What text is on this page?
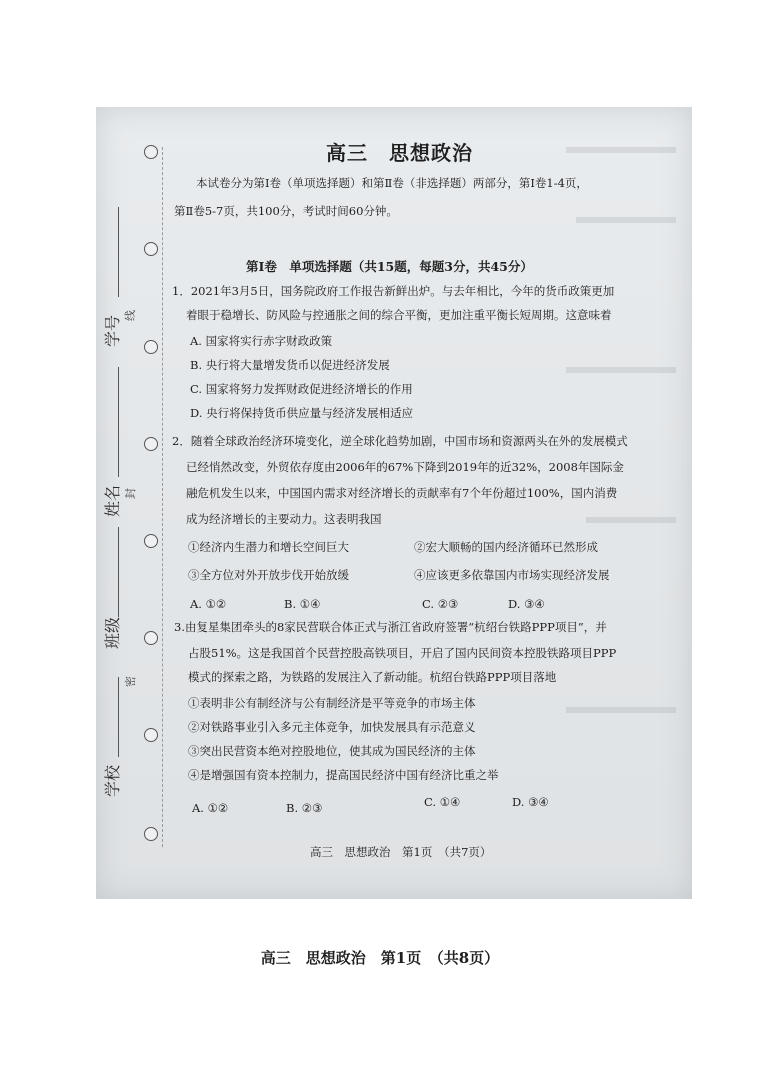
学号 线
姓名 封
班级
密
学校
高三　思想政治
本试卷分为第Ⅰ卷（单项选择题）和第Ⅱ卷（非选择题）两部分，第Ⅰ卷1-4页，
第Ⅱ卷5-7页，共100分，考试时间60分钟。
第Ⅰ卷　单项选择题（共15题，每题3分，共45分）
1．2021年3月5日，国务院政府工作报告新鲜出炉。与去年相比，今年的货币政策更加
着眼于稳增长、防风险与控通胀之间的综合平衡，更加注重平衡长短周期。这意味着
A. 国家将实行赤字财政政策
B. 央行将大量增发货币以促进经济发展
C. 国家将努力发挥财政促进经济增长的作用
D. 央行将保持货币供应量与经济发展相适应
2．随着全球政治经济环境变化，逆全球化趋势加剧，中国市场和资源两头在外的发展模式
已经悄然改变，外贸依存度由2006年的67%下降到2019年的近32%，2008年国际金
融危机发生以来，中国国内需求对经济增长的贡献率有7个年份超过100%，国内消费
成为经济增长的主要动力。这表明我国
①经济内生潜力和增长空间巨大	②宏大顺畅的国内经济循环已然形成
③全方位对外开放步伐开始放缓	④应该更多依靠国内市场实现经济发展
A. ①②	B. ①④	C. ②③	D. ③④
3.由复星集团牵头的8家民营联合体正式与浙江省政府签署“杭绍台铁路PPP项目”，并
占股51%。这是我国首个民营控股高铁项目，开启了国内民间资本控股铁路项目PPP
模式的探索之路，为铁路的发展注入了新动能。杭绍台铁路PPP项目落地
①表明非公有制经济与公有制经济是平等竞争的市场主体
②对铁路事业引入多元主体竞争，加快发展具有示范意义
③突出民营资本绝对控股地位，使其成为国民经济的主体
④是增强国有资本控制力，提高国民经济中国有经济比重之举
A. ①②	B. ②③	C. ①④	D. ③④
高三　思想政治　第1页　（共7页）
高三　思想政治　第1页　（共8页）
